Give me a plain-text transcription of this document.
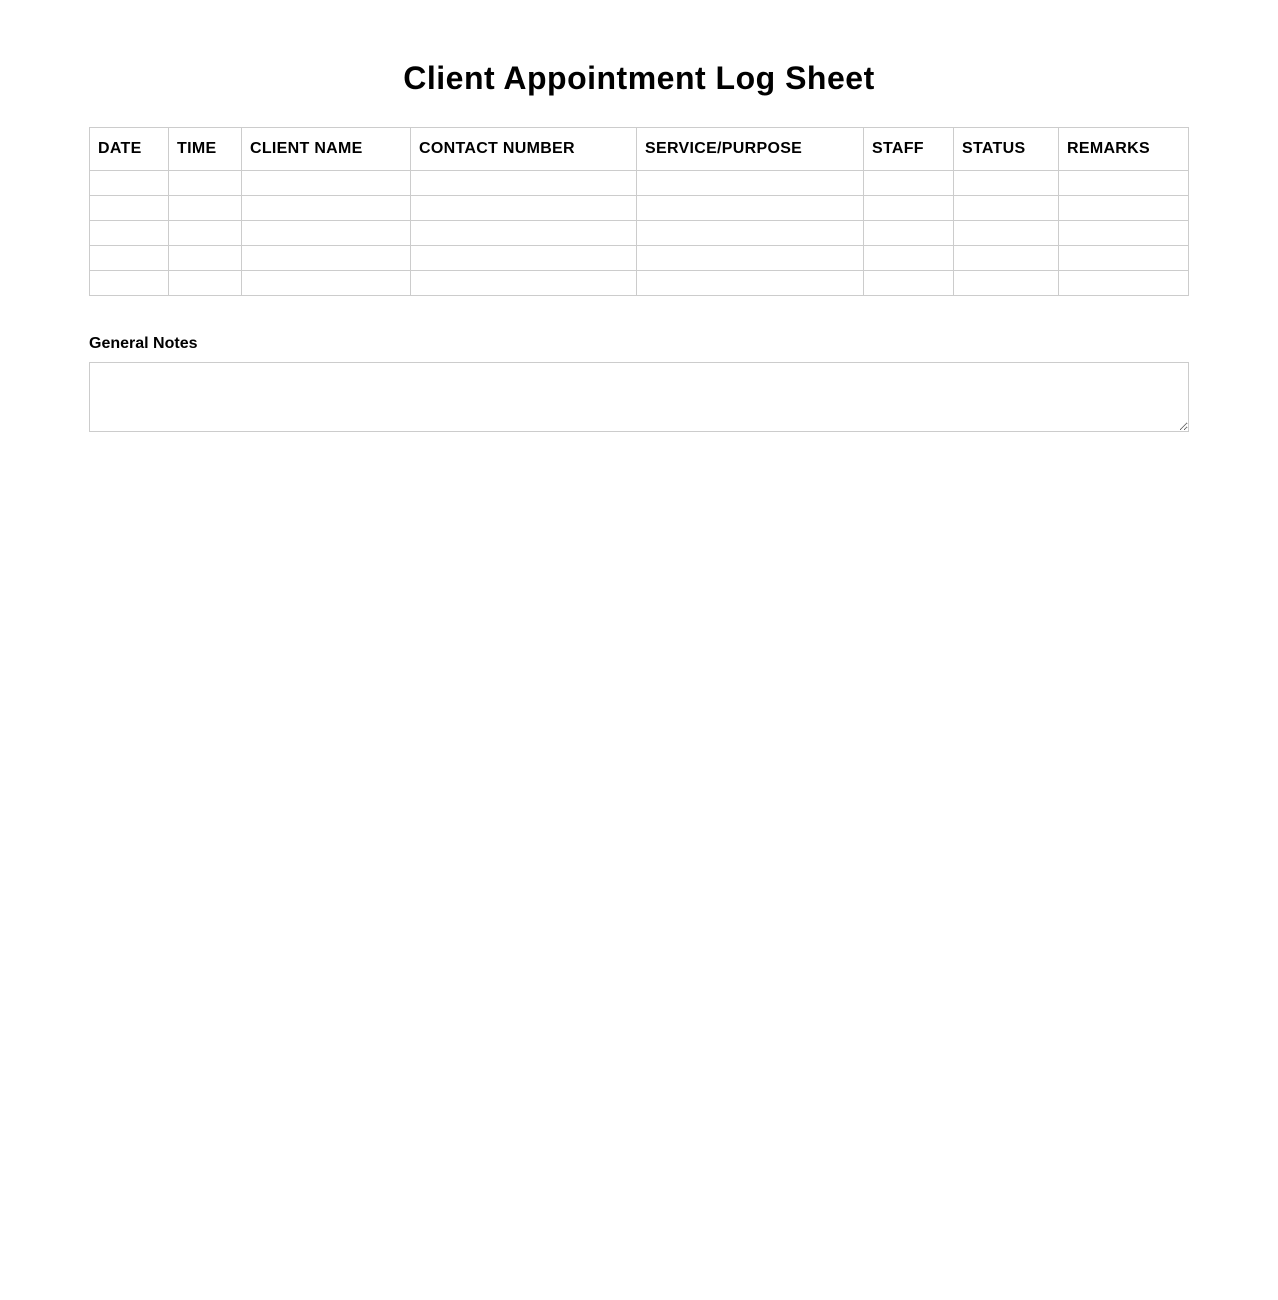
Client Appointment Log Sheet
DATE	TIME	CLIENT NAME	CONTACT NUMBER	SERVICE/PURPOSE	STAFF	STATUS	REMARKS

General Notes
